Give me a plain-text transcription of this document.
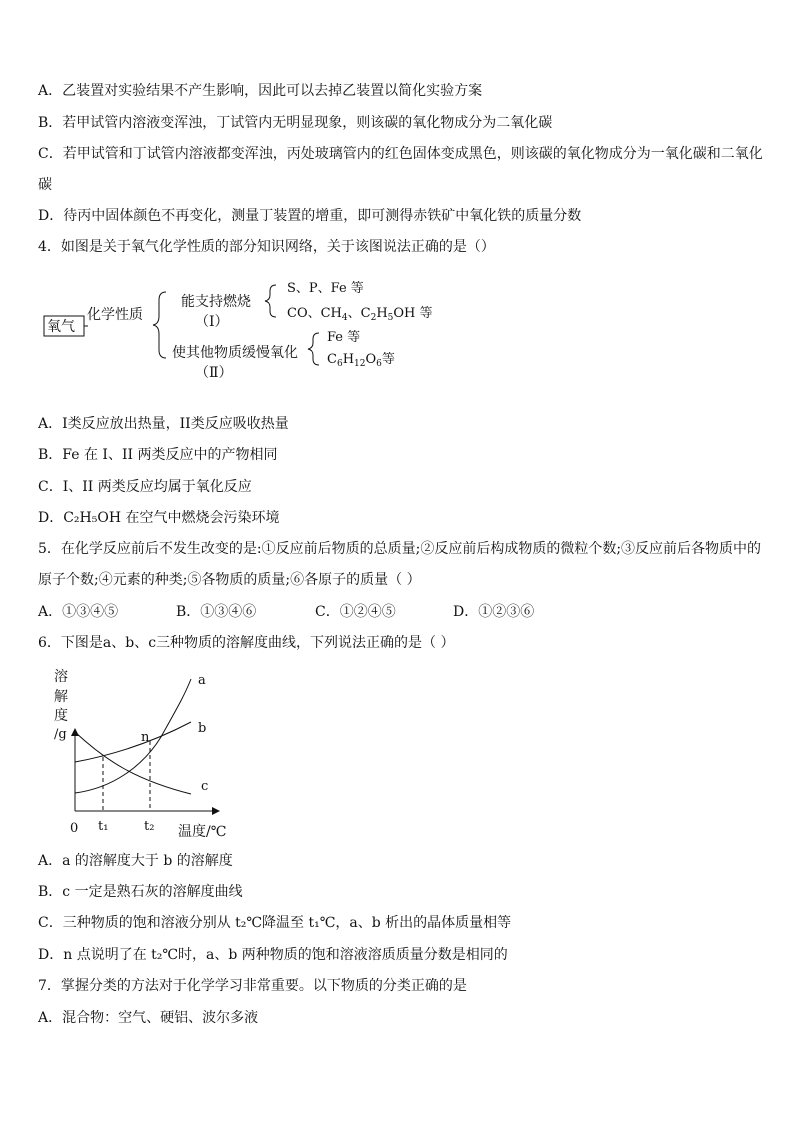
A．乙装置对实验结果不产生影响，因此可以去掉乙装置以简化实验方案
B．若甲试管内溶液变浑浊，丁试管内无明显现象，则该碳的氧化物成分为二氧化碳
C．若甲试管和丁试管内溶液都变浑浊，丙处玻璃管内的红色固体变成黑色，则该碳的氧化物成分为一氧化碳和二氧化
碳
D．待丙中固体颜色不再变化，测量丁装置的增重，即可测得赤铁矿中氧化铁的质量分数
4．如图是关于氧气化学性质的部分知识网络，关于该图说法正确的是（）
氧气
化学性质
能支持燃烧
（Ⅰ）
S、P、Fe 等
CO、$CH_4$、$C_2H_5OH$ 等
使其他物质缓慢氧化
（Ⅱ）
Fe 等
$C_6H_{12}O_6$等
A．I类反应放出热量，II类反应吸收热量
B．Fe 在 I、II 两类反应中的产物相同
C．I、II 两类反应均属于氧化反应
D．C₂H₅OH 在空气中燃烧会污染环境
5．在化学反应前后不发生改变的是:①反应前后物质的总质量;②反应前后构成物质的微粒个数;③反应前后各物质中的
原子个数;④元素的种类;⑤各物质的质量;⑥各原子的质量（ ）
A．①③④⑤	B．①③④⑥	C．①②④⑤	D．①②③⑥
6．下图是a、b、c三种物质的溶解度曲线，下列说法正确的是（ ）
溶
解
度
/g	n
a
b
c
0 t₁	t₂ 温度/℃
A．a 的溶解度大于 b 的溶解度
B．c 一定是熟石灰的溶解度曲线
C．三种物质的饱和溶液分别从 t₂℃降温至 t₁℃，a、b 析出的晶体质量相等
D．n 点说明了在 t₂℃时，a、b 两种物质的饱和溶液溶质质量分数是相同的
7．掌握分类的方法对于化学学习非常重要。以下物质的分类正确的是
A．混合物：空气、硬铝、波尔多液
